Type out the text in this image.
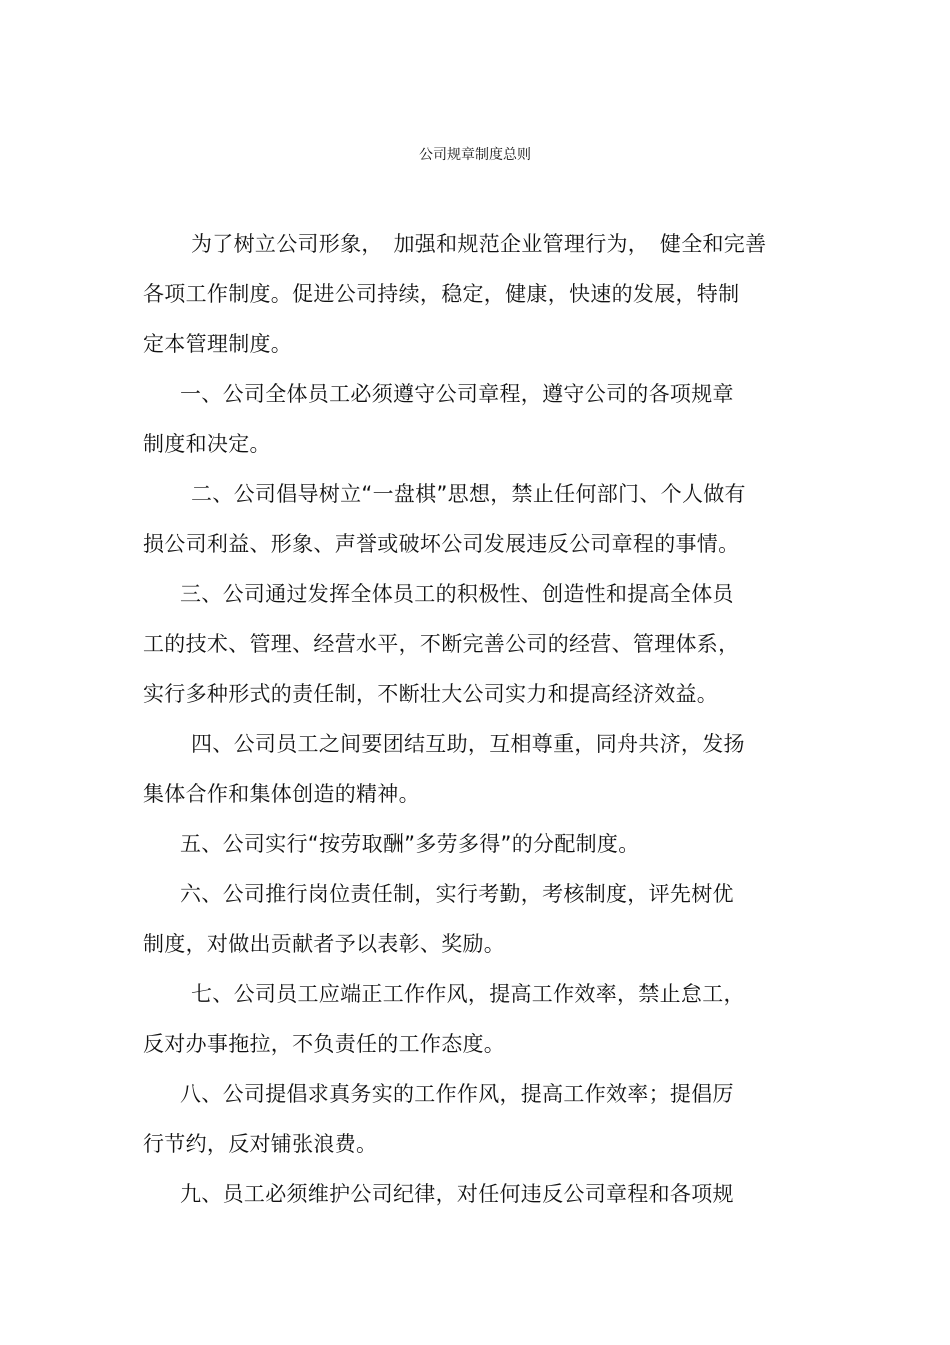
公司规章制度总则
为了树立公司形象，　加强和规范企业管理行为，　健全和完善
各项工作制度。促进公司持续，稳定，健康，快速的发展，特制
定本管理制度。
一、公司全体员工必须遵守公司章程，遵守公司的各项规章
制度和决定。
二、公司倡导树立“一盘棋”思想，禁止任何部门、个人做有
损公司利益、形象、声誉或破坏公司发展违反公司章程的事情。
三、公司通过发挥全体员工的积极性、创造性和提高全体员
工的技术、管理、经营水平，不断完善公司的经营、管理体系，
实行多种形式的责任制，不断壮大公司实力和提高经济效益。
四、公司员工之间要团结互助，互相尊重，同舟共济，发扬
集体合作和集体创造的精神。
五、公司实行“按劳取酬”多劳多得”的分配制度。
六、公司推行岗位责任制，实行考勤，考核制度，评先树优
制度，对做出贡献者予以表彰、奖励。
七、公司员工应端正工作作风，提高工作效率，禁止怠工，
反对办事拖拉，不负责任的工作态度。
八、公司提倡求真务实的工作作风，提高工作效率；提倡厉
行节约，反对铺张浪费。
九、员工必须维护公司纪律，对任何违反公司章程和各项规
